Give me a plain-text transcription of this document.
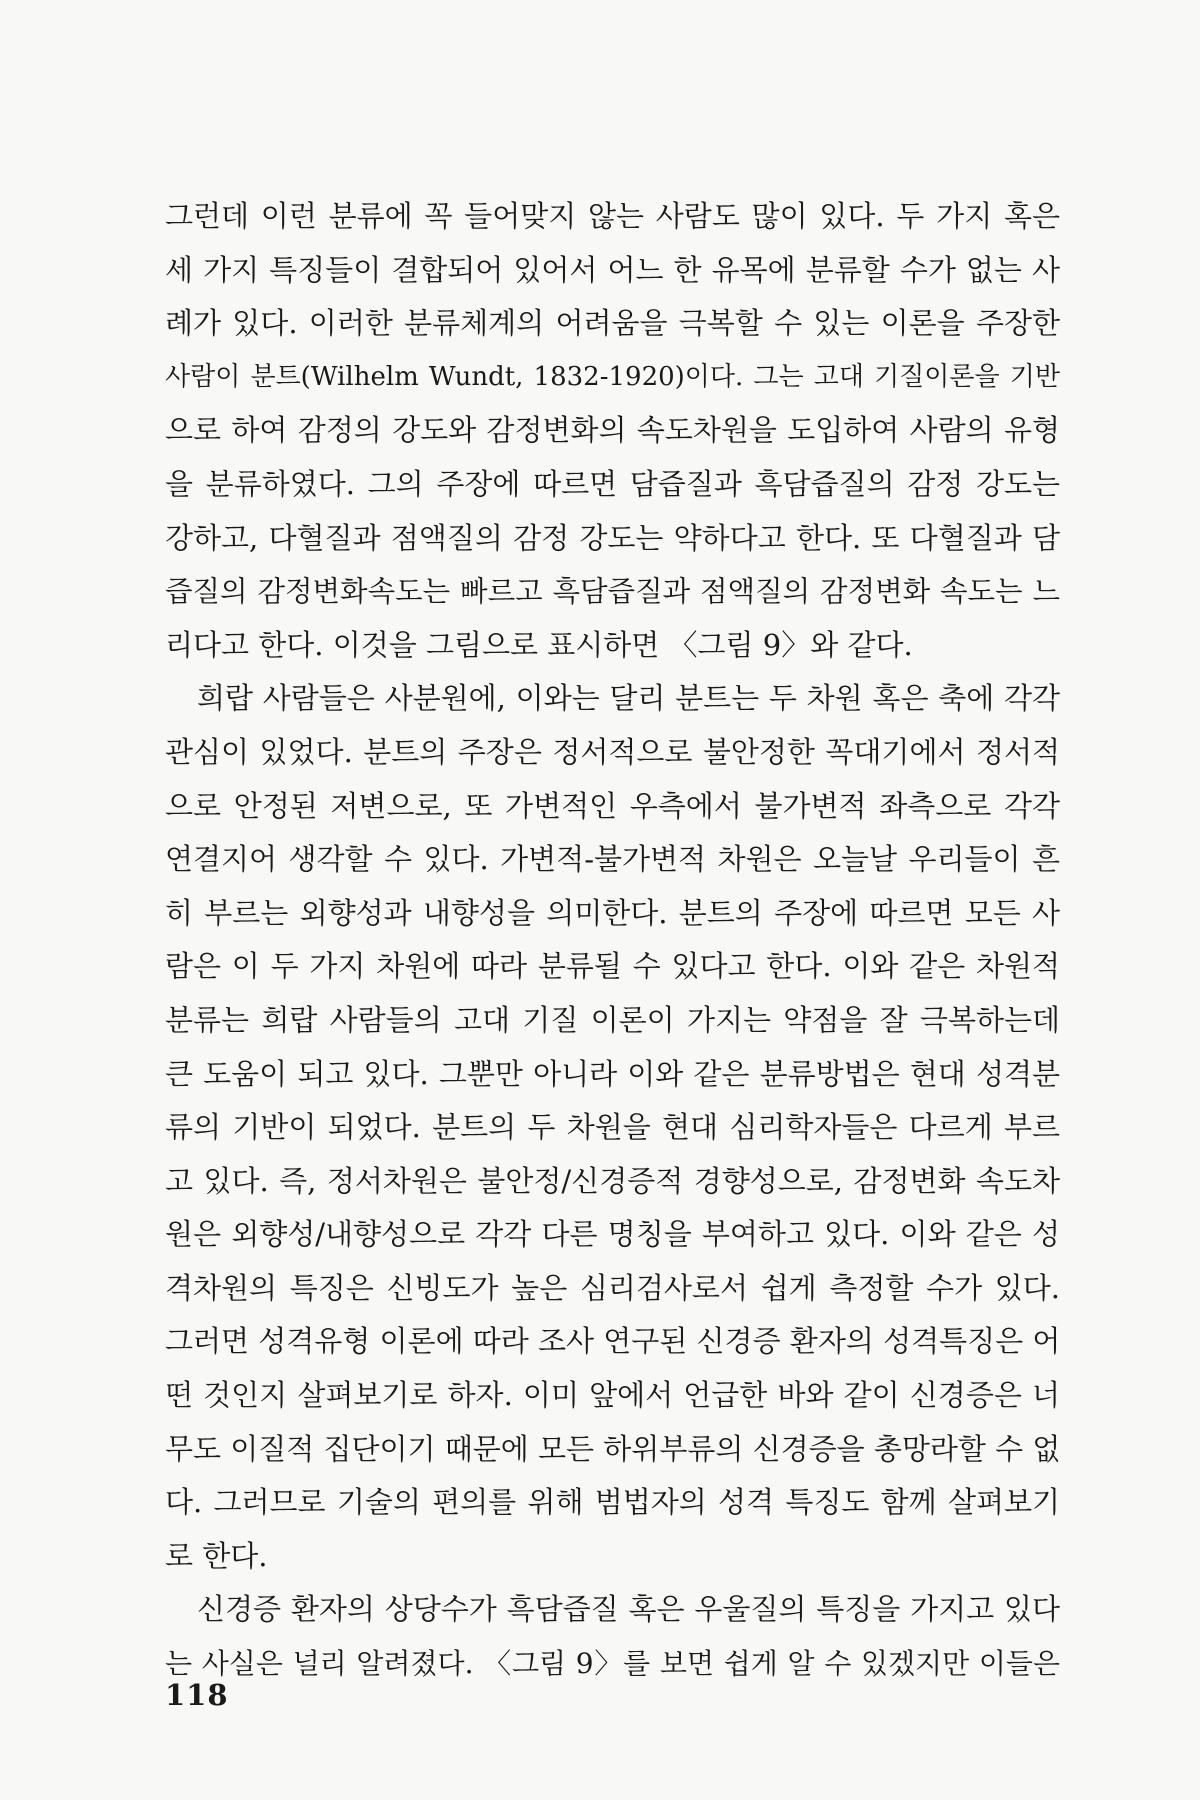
그런데 이런 분류에 꼭 들어맞지 않는 사람도 많이 있다. 두 가지 혹은
세 가지 특징들이 결합되어 있어서 어느 한 유목에 분류할 수가 없는 사
례가 있다. 이러한 분류체계의 어려움을 극복할 수 있는 이론을 주장한
사람이 분트(Wilhelm Wundt, 1832-1920)이다. 그는 고대 기질이론을 기반
으로 하여 감정의 강도와 감정변화의 속도차원을 도입하여 사람의 유형
을 분류하였다. 그의 주장에 따르면 담즙질과 흑담즙질의 감정 강도는
강하고, 다혈질과 점액질의 감정 강도는 약하다고 한다. 또 다혈질과 담
즙질의 감정변화속도는 빠르고 흑담즙질과 점액질의 감정변화 속도는 느
리다고 한다. 이것을 그림으로 표시하면 〈그림 9〉와 같다.
희랍 사람들은 사분원에, 이와는 달리 분트는 두 차원 혹은 축에 각각
관심이 있었다. 분트의 주장은 정서적으로 불안정한 꼭대기에서 정서적
으로 안정된 저변으로, 또 가변적인 우측에서 불가변적 좌측으로 각각
연결지어 생각할 수 있다. 가변적-불가변적 차원은 오늘날 우리들이 흔
히 부르는 외향성과 내향성을 의미한다. 분트의 주장에 따르면 모든 사
람은 이 두 가지 차원에 따라 분류될 수 있다고 한다. 이와 같은 차원적
분류는 희랍 사람들의 고대 기질 이론이 가지는 약점을 잘 극복하는데
큰 도움이 되고 있다. 그뿐만 아니라 이와 같은 분류방법은 현대 성격분
류의 기반이 되었다. 분트의 두 차원을 현대 심리학자들은 다르게 부르
고 있다. 즉, 정서차원은 불안정/신경증적 경향성으로, 감정변화 속도차
원은 외향성/내향성으로 각각 다른 명칭을 부여하고 있다. 이와 같은 성
격차원의 특징은 신빙도가 높은 심리검사로서 쉽게 측정할 수가 있다.
그러면 성격유형 이론에 따라 조사 연구된 신경증 환자의 성격특징은 어
떤 것인지 살펴보기로 하자. 이미 앞에서 언급한 바와 같이 신경증은 너
무도 이질적 집단이기 때문에 모든 하위부류의 신경증을 총망라할 수 없
다. 그러므로 기술의 편의를 위해 범법자의 성격 특징도 함께 살펴보기
로 한다.
신경증 환자의 상당수가 흑담즙질 혹은 우울질의 특징을 가지고 있다
는 사실은 널리 알려졌다. 〈그림 9〉를 보면 쉽게 알 수 있겠지만 이들은
118
